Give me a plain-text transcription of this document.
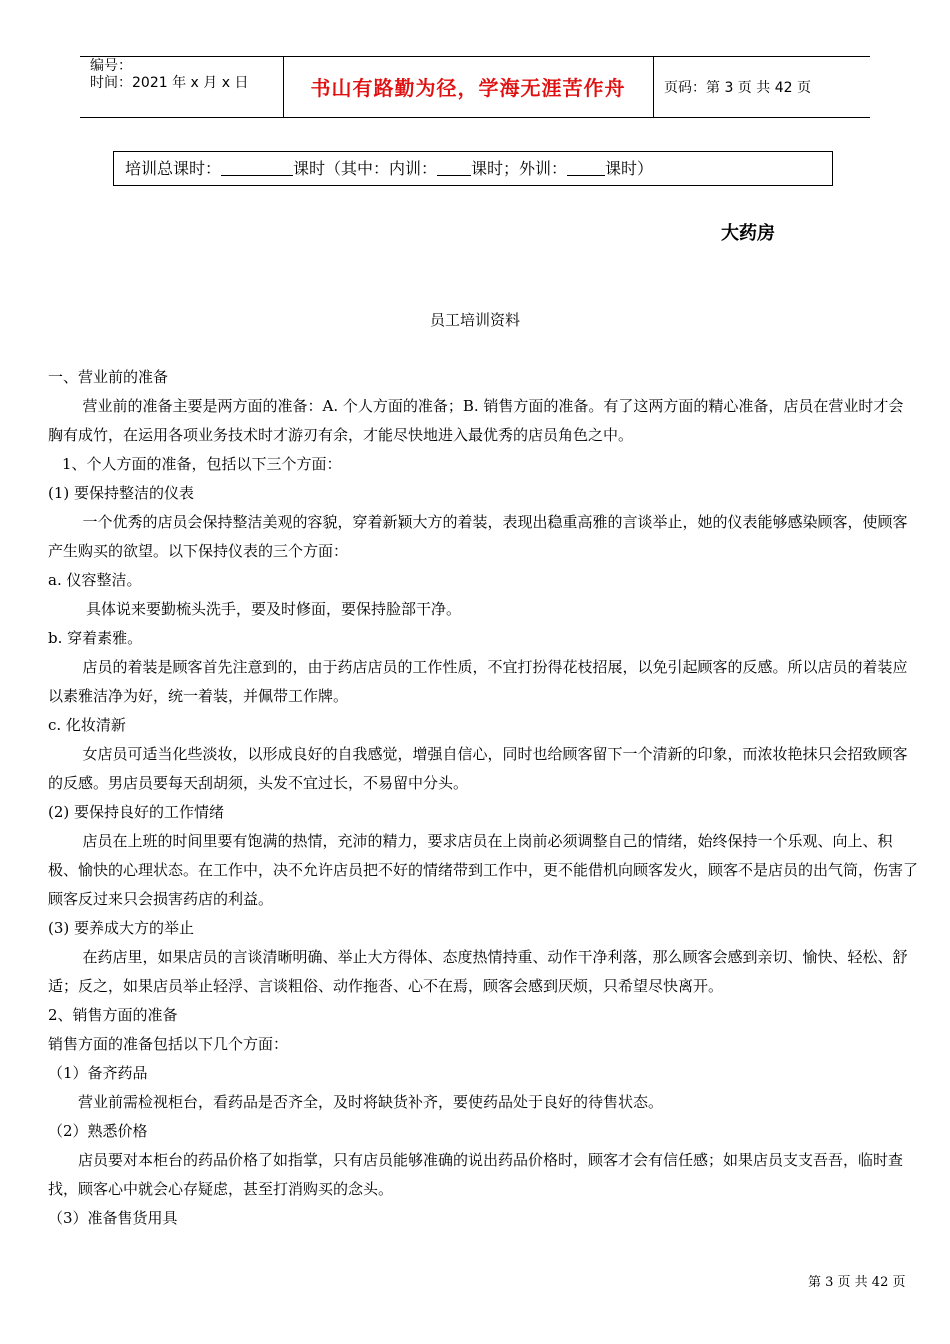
编号：
时间：2021 年 x 月 x 日	书山有路勤为径，学海无涯苦作舟	页码：第 3 页 共 42 页
培训总课时：	课时（其中：内训： 课时；外训： 课时）
大药房
员工培训资料

一、营业前的准备

营业前的准备主要是两方面的准备：A. 个人方面的准备；B. 销售方面的准备。有了这两方面的精心准备，店员在营业时才会胸有成竹，在运用各项业务技术时才游刃有余，才能尽快地进入最优秀的店员角色之中。

1、个人方面的准备，包括以下三个方面：

(1) 要保持整洁的仪表

一个优秀的店员会保持整洁美观的容貌，穿着新颖大方的着装，表现出稳重高雅的言谈举止，她的仪表能够感染顾客，使顾客产生购买的欲望。以下保持仪表的三个方面：

a. 仪容整洁。

具体说来要勤梳头洗手，要及时修面，要保持脸部干净。

b. 穿着素雅。

店员的着装是顾客首先注意到的，由于药店店员的工作性质，不宜打扮得花枝招展，以免引起顾客的反感。所以店员的着装应以素雅洁净为好，统一着装，并佩带工作牌。

c. 化妆清新

女店员可适当化些淡妆，以形成良好的自我感觉，增强自信心，同时也给顾客留下一个清新的印象，而浓妆艳抹只会招致顾客的反感。男店员要每天刮胡须，头发不宜过长，不易留中分头。

(2) 要保持良好的工作情绪

店员在上班的时间里要有饱满的热情，充沛的精力，要求店员在上岗前必须调整自己的情绪，始终保持一个乐观、向上、积极、愉快的心理状态。在工作中，决不允许店员把不好的情绪带到工作中，更不能借机向顾客发火，顾客不是店员的出气筒，伤害了顾客反过来只会损害药店的利益。

(3) 要养成大方的举止

在药店里，如果店员的言谈清晰明确、举止大方得体、态度热情持重、动作干净利落，那么顾客会感到亲切、愉快、轻松、舒适；反之，如果店员举止轻浮、言谈粗俗、动作拖沓、心不在焉，顾客会感到厌烦，只希望尽快离开。

2、销售方面的准备

销售方面的准备包括以下几个方面：

（1）备齐药品

营业前需检视柜台，看药品是否齐全，及时将缺货补齐，要使药品处于良好的待售状态。

（2）熟悉价格

店员要对本柜台的药品价格了如指掌，只有店员能够准确的说出药品价格时，顾客才会有信任感；如果店员支支吾吾，临时查找，顾客心中就会心存疑虑，甚至打消购买的念头。

（3）准备售货用具

第 3 页 共 42 页
